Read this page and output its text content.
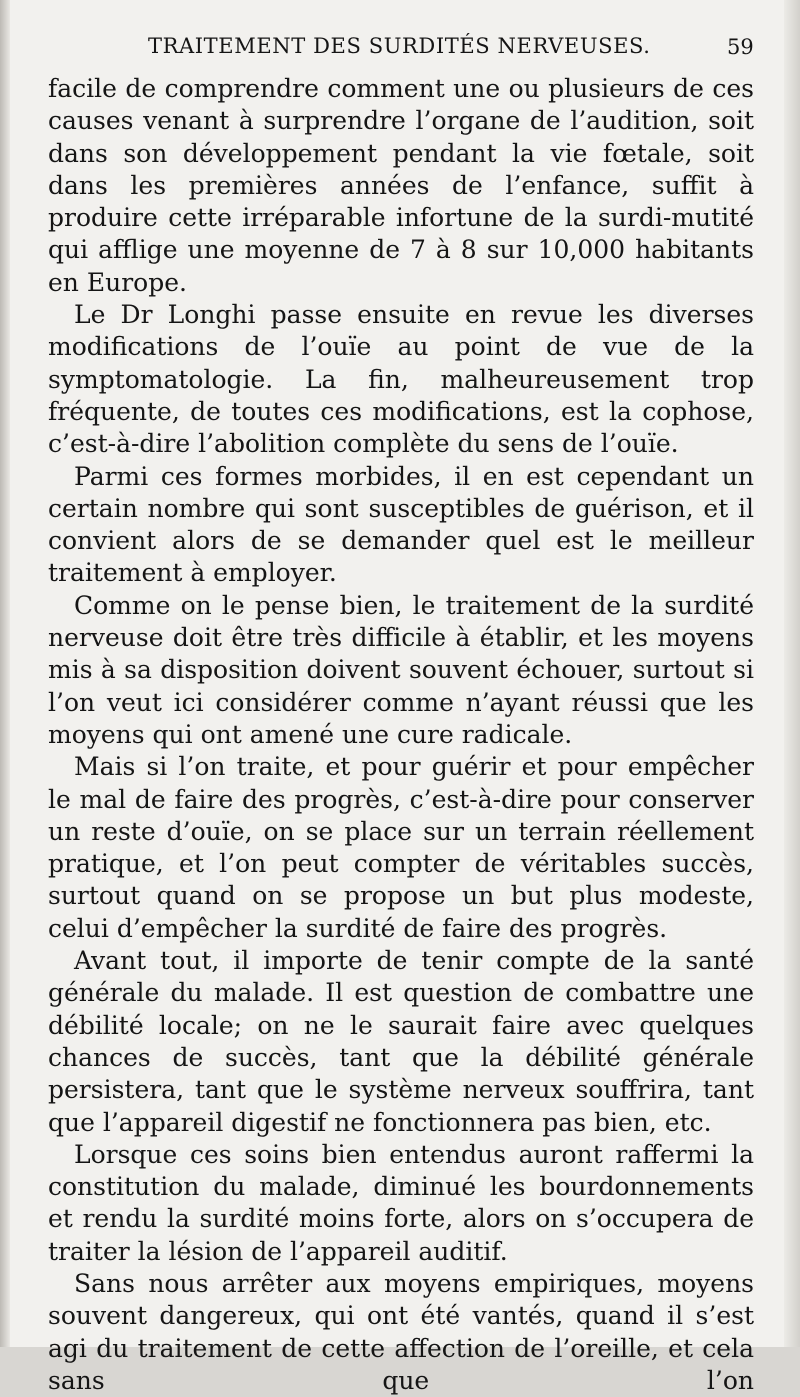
TRAITEMENT DES SURDITÉS NERVEUSES.	59

facile de comprendre comment une ou plusieurs de ces causes venant à surprendre l’organe de l’audition, soit dans son développement pendant la vie fœtale, soit dans les premières années de l’enfance, suffit à produire cette irréparable infortune de la surdi-mutité qui afflige une moyenne de 7 à 8 sur 10,000 habitants en Europe.

Le Dr Longhi passe ensuite en revue les diverses modifications de l’ouïe au point de vue de la symptomatologie. La fin, malheureusement trop fréquente, de toutes ces modifications, est la cophose, c’est-à-dire l’abolition complète du sens de l’ouïe.

Parmi ces formes morbides, il en est cependant un certain nombre qui sont susceptibles de guérison, et il convient alors de se demander quel est le meilleur traitement à employer.

Comme on le pense bien, le traitement de la surdité nerveuse doit être très difficile à établir, et les moyens mis à sa disposition doivent souvent échouer, surtout si l’on veut ici considérer comme n’ayant réussi que les moyens qui ont amené une cure radicale.

Mais si l’on traite, et pour guérir et pour empêcher le mal de faire des progrès, c’est-à-dire pour conserver un reste d’ouïe, on se place sur un terrain réellement pratique, et l’on peut compter de véritables succès, surtout quand on se propose un but plus modeste, celui d’empêcher la surdité de faire des progrès.

Avant tout, il importe de tenir compte de la santé générale du malade. Il est question de combattre une débilité locale; on ne le saurait faire avec quelques chances de succès, tant que la débilité générale persistera, tant que le système nerveux souffrira, tant que l’appareil digestif ne fonctionnera pas bien, etc.

Lorsque ces soins bien entendus auront raffermi la constitution du malade, diminué les bourdonnements et rendu la surdité moins forte, alors on s’occupera de traiter la lésion de l’appareil auditif.

Sans nous arrêter aux moyens empiriques, moyens souvent dangereux, qui ont été vantés, quand il s’est agi du traitement de cette affection de l’oreille, et cela sans que l’on
